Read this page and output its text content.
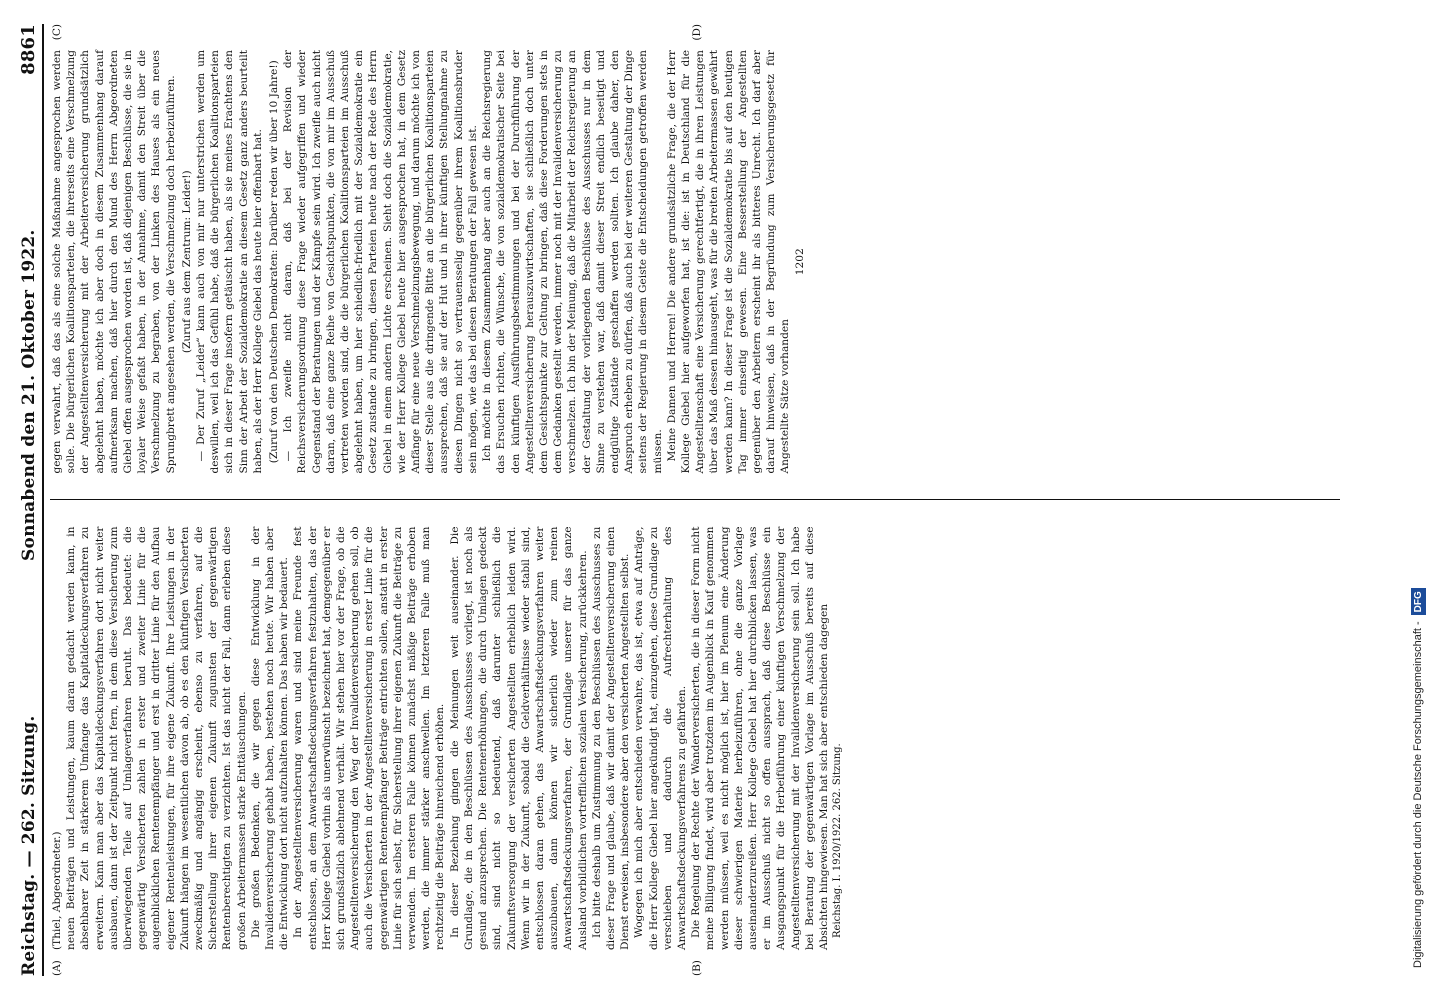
Reichstag. — 262. Sitzung.
Sonnabend den 21. Oktober 1922.
8861
(A)	(B)

(Thiel, Abgeordneter.) neuen Beiträgen und Leistungen, kaum daran gedacht werden kann, in absehbarer Zeit in stärkerem Umfange das Kapitaldeckungsverfahren zu erweitern. Kann man aber das Kapitaldeckungsverfahren dort nicht weiter ausbauen, dann ist der Zeitpunkt nicht fern, in dem diese Versicherung zum überwiegenden Teile auf Umlageverfahren beruht. Das bedeutet: die gegenwärtig Versicherten zahlen in erster und zweiter Linie für die augenblicklichen Rentenempfänger und erst in dritter Linie für den Aufbau eigener Rentenleistungen, für ihre eigene Zukunft. Ihre Leistungen in der Zukunft hängen im wesentlichen davon ab, ob es den künftigen Versicherten zweckmäßig und angängig erscheint, ebenso zu verfahren, auf die Sicherstellung ihrer eigenen Zukunft zugunsten der gegenwärtigen Rentenberechtigten zu verzichten. Ist das nicht der Fall, dann erleben diese großen Arbeitermassen starke Enttäuschungen. Die großen Bedenken, die wir gegen diese Entwicklung in der Invalidenversicherung gehabt haben, bestehen noch heute. Wir haben aber die Entwicklung dort nicht aufzuhalten können. Das haben wir bedauert. In der Angestelltenversicherung waren und sind meine Freunde fest entschlossen, an dem Anwartschaftsdeckungsverfahren festzuhalten, das der Herr Kollege Giebel vorhin als unerwünscht bezeichnet hat, demgegenüber er sich grundsätzlich ablehnend verhält. Wir stehen hier vor der Frage, ob die Angestelltenversicherung den Weg der Invalidenversicherung gehen soll, ob auch die Versicherten in der Angestelltenversicherung in erster Linie für die gegenwärtigen Rentenempfänger Beiträge entrichten sollen, anstatt in erster Linie für sich selbst, für Sicherstellung ihrer eigenen Zukunft die Beiträge zu verwenden. Im ersteren Falle können zunächst mäßige Beiträge erhoben werden, die immer stärker anschwellen. Im letzteren Falle muß man rechtzeitig die Beiträge hinreichend erhöhen. In dieser Beziehung gingen die Meinungen weit auseinander. Die Grundlage, die in den Beschlüssen des Ausschusses vorliegt, ist noch als gesund anzusprechen. Die Rentenerhöhungen, die durch Umlagen gedeckt sind, sind nicht so bedeutend, daß darunter schließlich die Zukunftsversorgung der versicherten Angestellten erheblich leiden wird. Wenn wir in der Zukunft, sobald die Geldverhältnisse wieder stabil sind, entschlossen daran gehen, das Anwartschaftsdeckungsverfahren weiter auszubauen, dann können wir sicherlich wieder zum reinen Anwartschaftsdeckungsverfahren, der Grundlage unserer für das ganze Ausland vorbildlichen vortrefflichen sozialen Versicherung, zurückkehren. Ich bitte deshalb um Zustimmung zu den Beschlüssen des Ausschusses zu dieser Frage und glaube, daß wir damit der Angestelltenversicherung einen Dienst erweisen, insbesondere aber den versicherten Angestellten selbst. Wogegen ich mich aber entschieden verwahre, das ist, etwa auf Anträge, die Herr Kollege Giebel hier angekündigt hat, einzugehen, diese Grundlage zu verschieben und dadurch die Aufrechterhaltung des Anwartschaftsdeckungsverfahrens zu gefährden. Die Regelung der Rechte der Wanderversicherten, die in dieser Form nicht meine Billigung findet, wird aber trotzdem im Augenblick in Kauf genommen werden müssen, weil es nicht möglich ist, hier im Plenum eine Änderung dieser schwierigen Materie herbeizuführen, ohne die ganze Vorlage auseinanderzureißen. Herr Kollege Giebel hat hier durchblicken lassen, was er im Ausschuß nicht so offen aussprach, daß diese Beschlüsse ein Ausgangspunkt für die Herbeiführung einer künftigen Verschmelzung der Angestelltenversicherung mit der Invalidenversicherung sein soll. Ich habe bei Beratung der gegenwärtigen Vorlage im Ausschuß bereits auf diese Absichten hingewiesen. Man hat sich aber entschieden dagegen Reichstag. I. 1920/1922. 262. Sitzung.

(C)	(D)

gegen verwahrt, daß das als eine solche Maßnahme angesprochen werden solle. Die bürgerlichen Koalitionsparteien, die ihrerseits eine Verschmelzung der Angestelltenversicherung mit der Arbeiterversicherung grundsätzlich abgelehnt haben, möchte ich aber doch in diesem Zusammenhang darauf aufmerksam machen, daß hier durch den Mund des Herrn Abgeordneten Giebel offen ausgesprochen worden ist, daß diejenigen Beschlüsse, die sie in loyaler Weise gefaßt haben, in der Annahme, damit den Streit über die Verschmelzung zu begraben, von der Linken des Hauses als ein neues Sprungbrett angesehen werden, die Verschmelzung doch herbeizuführen. (Zuruf aus dem Zentrum: Leider!) — Der Zuruf „Leider“ kann auch von mir nur unterstrichen werden um deswillen, weil ich das Gefühl habe, daß die bürgerlichen Koalitionsparteien sich in dieser Frage insofern getäuscht haben, als sie meines Erachtens den Sinn der Arbeit der Sozialdemokratie an diesem Gesetz ganz anders beurteilt haben, als der Herr Kollege Giebel das heute hier offenbart hat. (Zuruf von den Deutschen Demokraten: Darüber reden wir über 10 Jahre!) — Ich zweifle nicht daran, daß bei der Revision der Reichsversicherungsordnung diese Frage wieder aufgegriffen und wieder Gegenstand der Beratungen und der Kämpfe sein wird. Ich zweifle auch nicht daran, daß eine ganze Reihe von Gesichtspunkten, die von mir im Ausschuß vertreten worden sind, die die bürgerlichen Koalitionsparteien im Ausschuß abgelehnt haben, um hier schiedlich-friedlich mit der Sozialdemokratie ein Gesetz zustande zu bringen, diesen Parteien heute nach der Rede des Herrn Giebel in einem andern Lichte erscheinen. Sieht doch die Sozialdemokratie, wie der Herr Kollege Giebel heute hier ausgesprochen hat, in dem Gesetz Anfänge für eine neue Verschmelzungsbewegung, und darum möchte ich von dieser Stelle aus die dringende Bitte an die bürgerlichen Koalitionsparteien aussprechen, daß sie auf der Hut und in ihrer künftigen Stellungnahme zu diesen Dingen nicht so vertrauensselig gegenüber ihrem Koalitionsbruder sein mögen, wie das bei diesen Beratungen der Fall gewesen ist. Ich möchte in diesem Zusammenhang aber auch an die Reichsregierung das Ersuchen richten, die Wünsche, die von sozialdemokratischer Seite bei den künftigen Ausführungsbestimmungen und bei der Durchführung der Angestelltenversicherung herauszuwirtschaften, sie schließlich doch unter dem Gesichtspunkte zur Geltung zu bringen, daß diese Forderungen stets in dem Gedanken gestellt werden, immer noch mit der Invalidenversicherung zu verschmelzen. Ich bin der Meinung, daß die Mitarbeit der Reichsregierung an der Gestaltung der vorliegenden Beschlüsse des Ausschusses nur in dem Sinne zu verstehen war, daß damit dieser Streit endlich beseitigt und endgültige Zustände geschaffen werden sollten. Ich glaube daher, den Anspruch erheben zu dürfen, daß auch bei der weiteren Gestaltung der Dinge seitens der Regierung in diesem Geiste die Entscheidungen getroffen werden müssen. Meine Damen und Herren! Die andere grundsätzliche Frage, die der Herr Kollege Giebel hier aufgeworfen hat, ist die: ist in Deutschland für die Angestelltenschaft eine Versicherung gerechtfertigt, die in ihren Leistungen über das Maß dessen hinausgeht, was für die breiten Arbeitermassen gewährt werden kann? In dieser Frage ist die Sozialdemokratie bis auf den heutigen Tag immer einseitig gewesen. Eine Besserstellung der Angestellten gegenüber den Arbeitern erscheint ihr als bitteres Unrecht. Ich darf aber darauf hinweisen, daß in der Begründung zum Versicherungsgesetz für Angestellte Sätze vorhanden

1202

Digitalisierung gefördert durch die Deutsche Forschungsgemeinschaft -
DFG
